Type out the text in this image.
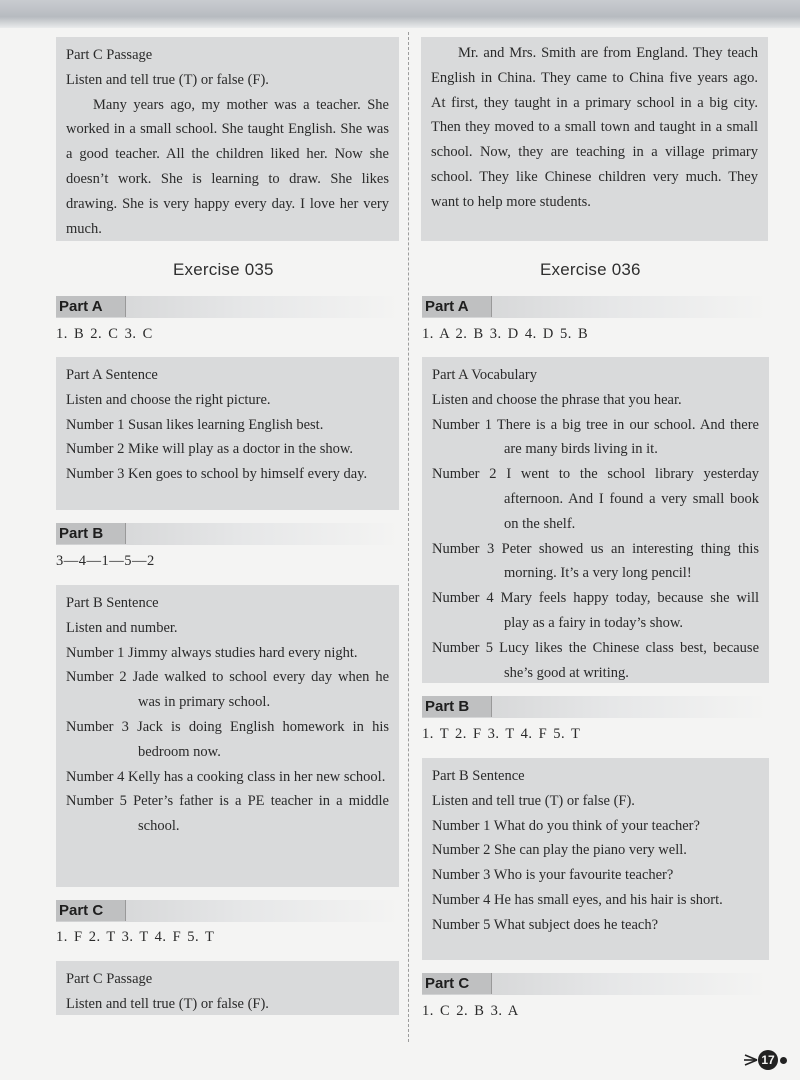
Part C Passage

Listen and tell true (T) or false (F).

Many years ago, my mother was a teacher. She worked in a small school. She taught English. She was a good teacher. All the children liked her. Now she doesn’t work. She is learning to draw. She likes drawing. She is very happy every day. I love her very much.

Exercise 035
Part A
1. B 2. C 3. C

Part A Sentence

Listen and choose the right picture.

Number 1 Susan likes learning English best.

Number 2 Mike will play as a doctor in the show.

Number 3 Ken goes to school by himself every day.

Part B
3—4—1—5—2

Part B Sentence

Listen and number.

Number 1 Jimmy always studies hard every night.

Number 2 Jade walked to school every day when he was in primary school.

Number 3 Jack is doing English homework in his bedroom now.

Number 4 Kelly has a cooking class in her new school.

Number 5 Peter’s father is a PE teacher in a middle school.

Part C
1. F 2. T 3. T 4. F 5. T

Part C Passage

Listen and tell true (T) or false (F).

Mr. and Mrs. Smith are from England. They teach English in China. They came to China five years ago. At first, they taught in a primary school in a big city. Then they moved to a small town and taught in a small school. Now, they are teaching in a village primary school. They like Chinese children very much. They want to help more students.

Exercise 036
Part A
1. A 2. B 3. D 4. D 5. B

Part A Vocabulary

Listen and choose the phrase that you hear.

Number 1 There is a big tree in our school. And there are many birds living in it.

Number 2 I went to the school library yesterday afternoon. And I found a very small book on the shelf.

Number 3 Peter showed us an interesting thing this morning. It’s a very long pencil!

Number 4 Mary feels happy today, because she will play as a fairy in today’s show.

Number 5 Lucy likes the Chinese class best, because she’s good at writing.

Part B
1. T 2. F 3. T 4. F 5. T

Part B Sentence

Listen and tell true (T) or false (F).

Number 1 What do you think of your teacher?

Number 2 She can play the piano very well.

Number 3 Who is your favourite teacher?

Number 4 He has small eyes, and his hair is short.

Number 5 What subject does he teach?

Part C
1. C 2. B 3. A
17
